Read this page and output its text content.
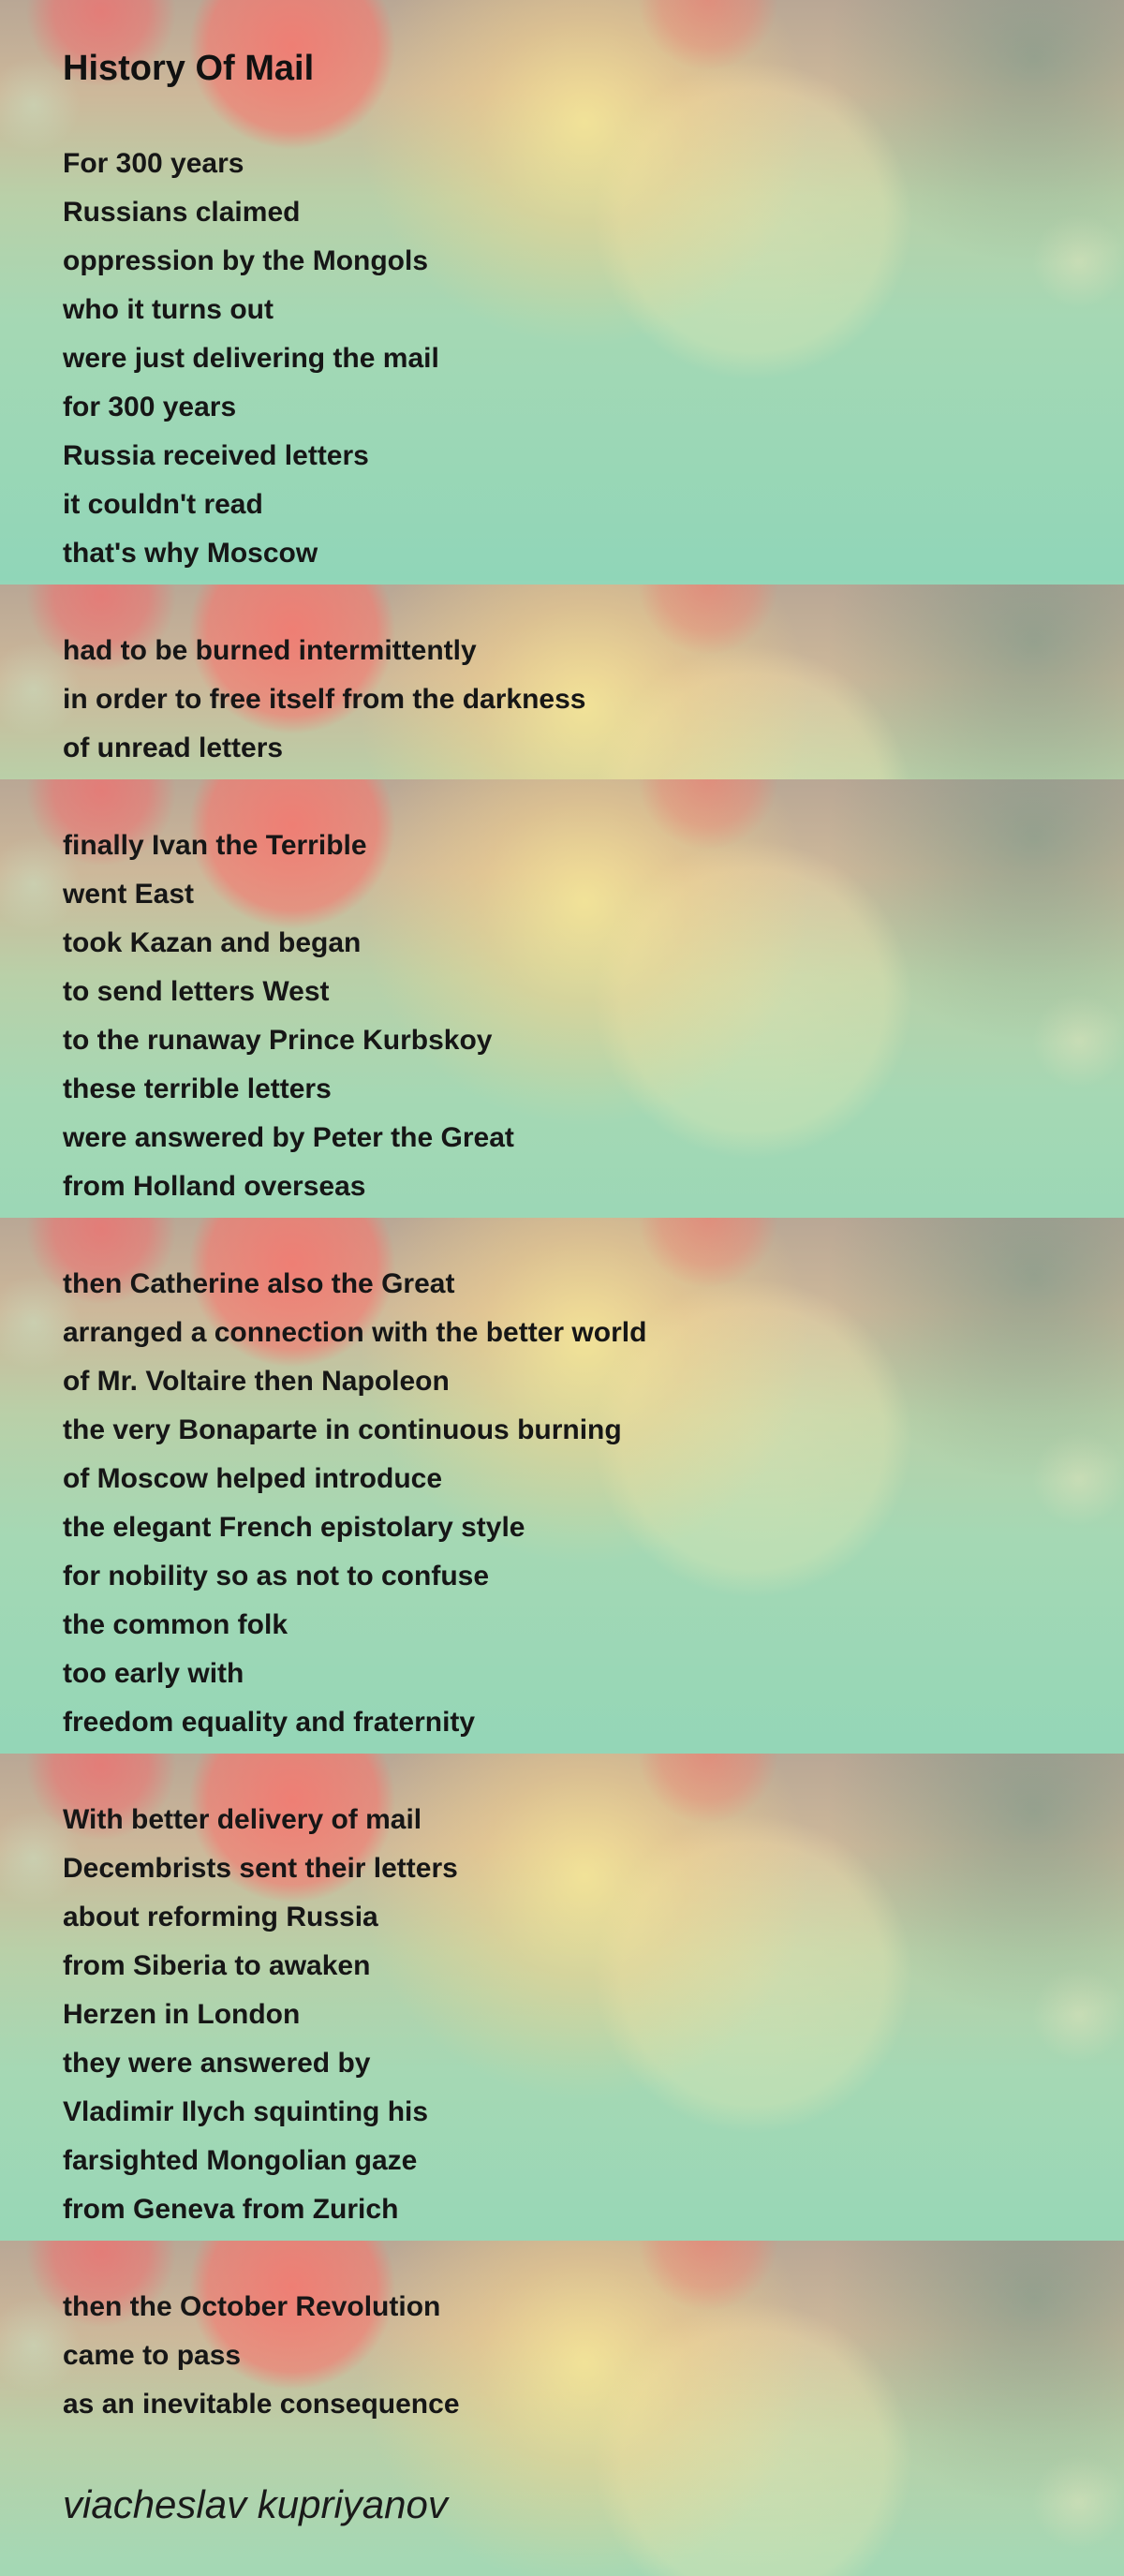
History Of Mail
For 300 years
Russians claimed
oppression by the Mongols
who it turns out
were just delivering the mail
for 300 years
Russia received letters
it couldn't read
that's why Moscow
had to be burned intermittently
in order to free itself from the darkness
of unread letters
finally Ivan the Terrible
went East
took Kazan and began
to send letters West
to the runaway Prince Kurbskoy
these terrible letters
were answered by Peter the Great
from Holland overseas
then Catherine also the Great
arranged a connection with the better world
of Mr. Voltaire then Napoleon
the very Bonaparte in continuous burning
of Moscow helped introduce
the elegant French epistolary style
for nobility so as not to confuse
the common folk
too early with
freedom equality and fraternity
With better delivery of mail
Decembrists sent their letters
about reforming Russia
from Siberia to awaken
Herzen in London
they were answered by
Vladimir Ilych squinting his
farsighted Mongolian gaze
from Geneva from Zurich
then the October Revolution
came to pass
as an inevitable consequence

viacheslav kupriyanov
